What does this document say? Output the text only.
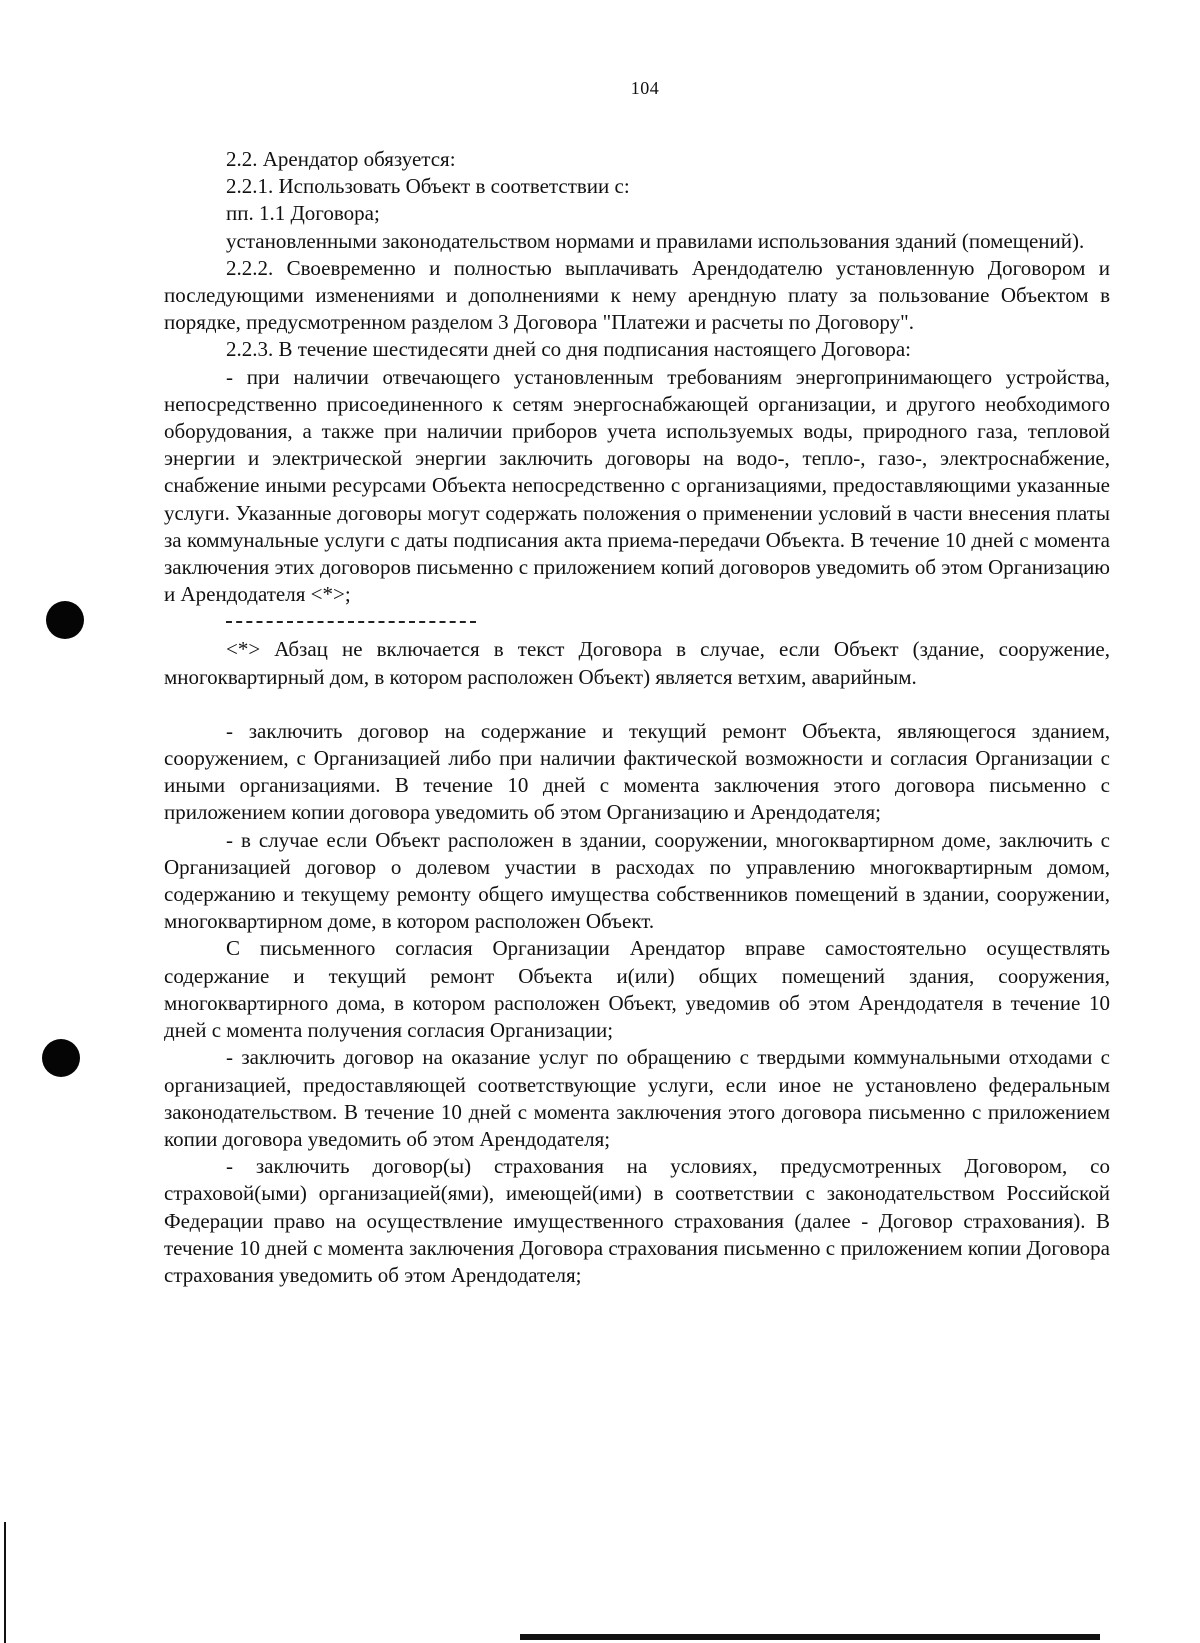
104

2.2. Арендатор обязуется:

2.2.1. Использовать Объект в соответствии с:

пп. 1.1 Договора;

установленными законодательством нормами и правилами использования зданий (помещений).

2.2.2. Своевременно и полностью выплачивать Арендодателю установленную Договором и последующими изменениями и дополнениями к нему арендную плату за пользование Объектом в порядке, предусмотренном разделом 3 Договора "Платежи и расчеты по Договору".

2.2.3. В течение шестидесяти дней со дня подписания настоящего Договора:

- при наличии отвечающего установленным требованиям энергопринимающего устройства, непосредственно присоединенного к сетям энергоснабжающей организации, и другого необходимого оборудования, а также при наличии приборов учета используемых воды, природного газа, тепловой энергии и электрической энергии заключить договоры на водо-, тепло-, газо-, электроснабжение, снабжение иными ресурсами Объекта непосредственно с организациями, предоставляющими указанные услуги. Указанные договоры могут содержать положения о применении условий в части внесения платы за коммунальные услуги с даты подписания акта приема-передачи Объекта. В течение 10 дней с момента заключения этих договоров письменно с приложением копий договоров уведомить об этом Организацию и Арендодателя <*>;

<*> Абзац не включается в текст Договора в случае, если Объект (здание, сооружение, многоквартирный дом, в котором расположен Объект) является ветхим, аварийным.

- заключить договор на содержание и текущий ремонт Объекта, являющегося зданием, сооружением, с Организацией либо при наличии фактической возможности и согласия Организации с иными организациями. В течение 10 дней с момента заключения этого договора письменно с приложением копии договора уведомить об этом Организацию и Арендодателя;

- в случае если Объект расположен в здании, сооружении, многоквартирном доме, заключить с Организацией договор о долевом участии в расходах по управлению многоквартирным домом, содержанию и текущему ремонту общего имущества собственников помещений в здании, сооружении, многоквартирном доме, в котором расположен Объект.

С письменного согласия Организации Арендатор вправе самостоятельно осуществлять содержание и текущий ремонт Объекта и(или) общих помещений здания, сооружения, многоквартирного дома, в котором расположен Объект, уведомив об этом Арендодателя в течение 10 дней с момента получения согласия Организации;

- заключить договор на оказание услуг по обращению с твердыми коммунальными отходами с организацией, предоставляющей соответствующие услуги, если иное не установлено федеральным законодательством. В течение 10 дней с момента заключения этого договора письменно с приложением копии договора уведомить об этом Арендодателя;

- заключить договор(ы) страхования на условиях, предусмотренных Договором, со страховой(ыми) организацией(ями), имеющей(ими) в соответствии с законодательством Российской Федерации право на осуществление имущественного страхования (далее - Договор страхования). В течение 10 дней с момента заключения Договора страхования письменно с приложением копии Договора страхования уведомить об этом Арендодателя;
